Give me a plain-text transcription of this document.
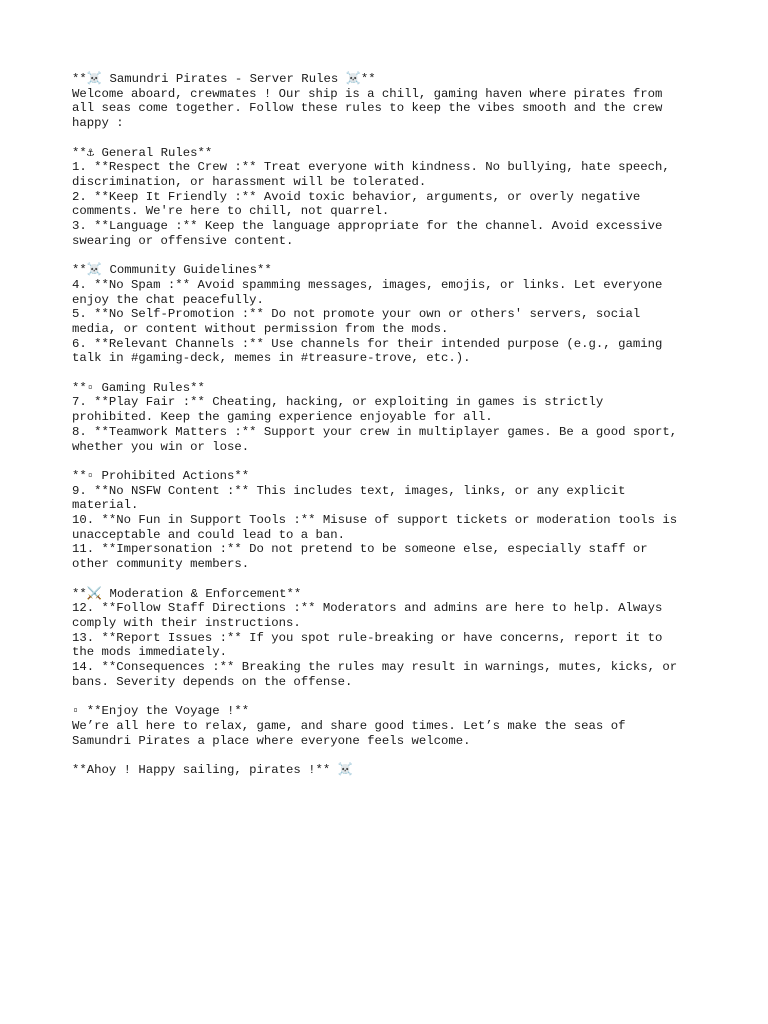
**☠️ Samundri Pirates - Server Rules ☠️**
Welcome aboard, crewmates ! Our ship is a chill, gaming haven where pirates from
all seas come together. Follow these rules to keep the vibes smooth and the crew
happy :
**⚓ General Rules**
1. **Respect the Crew :** Treat everyone with kindness. No bullying, hate speech,
discrimination, or harassment will be tolerated.
2. **Keep It Friendly :** Avoid toxic behavior, arguments, or overly negative
comments. We're here to chill, not quarrel.
3. **Language :** Keep the language appropriate for the channel. Avoid excessive
swearing or offensive content.
**☠️ Community Guidelines**
4. **No Spam :** Avoid spamming messages, images, emojis, or links. Let everyone
enjoy the chat peacefully.
5. **No Self-Promotion :** Do not promote your own or others' servers, social
media, or content without permission from the mods.
6. **Relevant Channels :** Use channels for their intended purpose (e.g., gaming
talk in #gaming-deck, memes in #treasure-trove, etc.).
**▫ Gaming Rules**
7. **Play Fair :** Cheating, hacking, or exploiting in games is strictly
prohibited. Keep the gaming experience enjoyable for all.
8. **Teamwork Matters :** Support your crew in multiplayer games. Be a good sport,
whether you win or lose.
**▫ Prohibited Actions**
9. **No NSFW Content :** This includes text, images, links, or any explicit
material.
10. **No Fun in Support Tools :** Misuse of support tickets or moderation tools is
unacceptable and could lead to a ban.
11. **Impersonation :** Do not pretend to be someone else, especially staff or
other community members.
**⚔️ Moderation & Enforcement**
12. **Follow Staff Directions :** Moderators and admins are here to help. Always
comply with their instructions.
13. **Report Issues :** If you spot rule-breaking or have concerns, report it to
the mods immediately.
14. **Consequences :** Breaking the rules may result in warnings, mutes, kicks, or
bans. Severity depends on the offense.
▫ **Enjoy the Voyage !**
We’re all here to relax, game, and share good times. Let’s make the seas of
Samundri Pirates a place where everyone feels welcome.
**Ahoy ! Happy sailing, pirates !** ☠️
